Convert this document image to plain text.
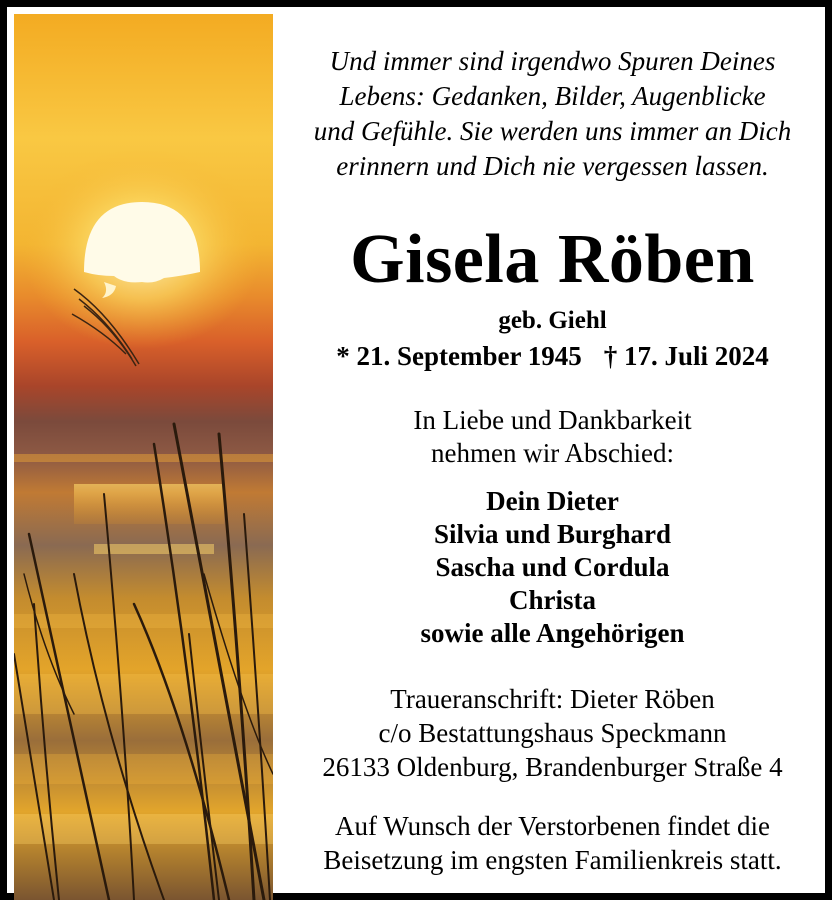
Und immer sind irgendwo Spuren Deines
Lebens: Gedanken, Bilder, Augenblicke
und Gefühle. Sie werden uns immer an Dich
erinnern und Dich nie vergessen lassen.
Gisela Röben
geb. Giehl
* 21. September 1945 † 17. Juli 2024
In Liebe und Dankbarkeit
nehmen wir Abschied:
Dein Dieter
Silvia und Burghard
Sascha und Cordula
Christa
sowie alle Angehörigen
Traueranschrift: Dieter Röben
c/o Bestattungshaus Speckmann
26133 Oldenburg, Brandenburger Straße 4
Auf Wunsch der Verstorbenen findet die
Beisetzung im engsten Familienkreis statt.
